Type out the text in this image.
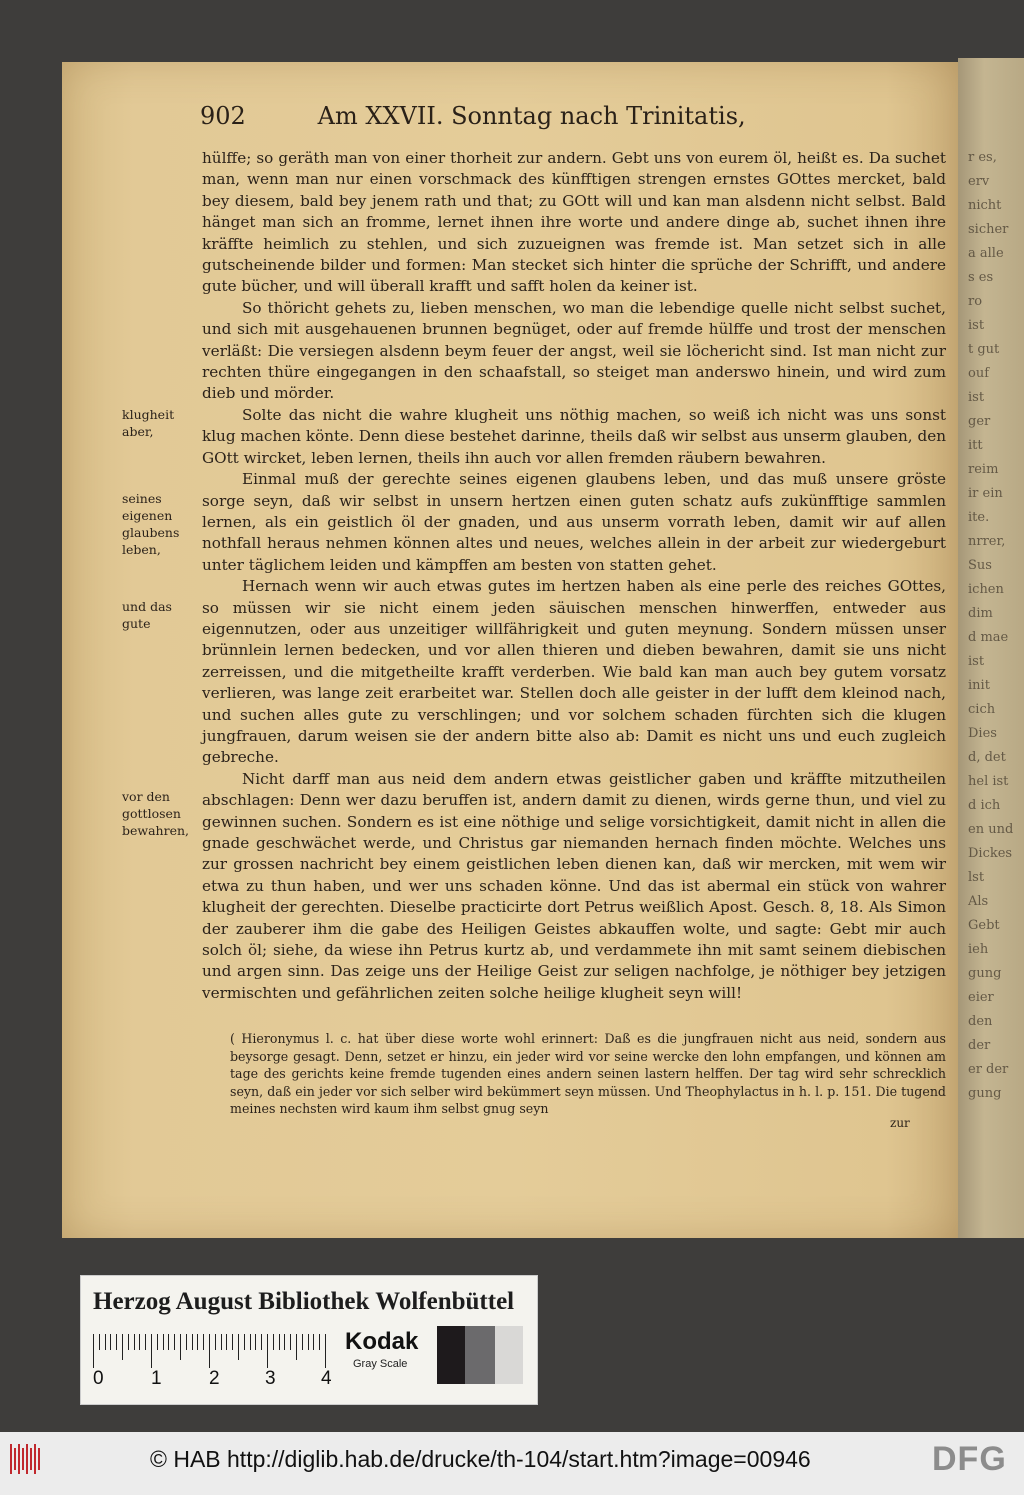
r es,
erv
nicht
sicher
a alle
s es
ro
ist
t gut
ouf
ist
ger
itt
reim
ir ein
ite.
nrrer,
Sus
ichen
dim
d mae
ist
init
cich
Dies
d, det
hel ist
d ich
en und
Dickes
lst
Als
Gebt
ieh
gung
eier
den
der
er der
gung
902	Am XXVII. Sonntag nach Trinitatis,
klugheit aber,
seines eigenen glaubens leben,
und das gute
vor den gottlosen bewahren,

hülffe; so geräth man von einer thorheit zur andern. Gebt uns von eurem öl, heißt es. Da suchet man, wenn man nur einen vorschmack des künfftigen strengen ernstes GOttes mercket, bald bey diesem, bald bey jenem rath und that; zu GOtt will und kan man alsdenn nicht selbst. Bald hänget man sich an fromme, lernet ihnen ihre worte und andere dinge ab, suchet ihnen ihre kräffte heimlich zu stehlen, und sich zuzueignen was fremde ist. Man setzet sich in alle gutscheinende bilder und formen: Man stecket sich hinter die sprüche der Schrifft, und andere gute bücher, und will überall krafft und safft holen da keiner ist.

So thöricht gehets zu, lieben menschen, wo man die lebendige quelle nicht selbst suchet, und sich mit ausgehauenen brunnen begnüget, oder auf fremde hülffe und trost der menschen verläßt: Die versiegen alsdenn beym feuer der angst, weil sie löchericht sind. Ist man nicht zur rechten thüre eingegangen in den schaafstall, so steiget man anderswo hinein, und wird zum dieb und mörder.

Solte das nicht die wahre klugheit uns nöthig machen, so weiß ich nicht was uns sonst klug machen könte. Denn diese bestehet darinne, theils daß wir selbst aus unserm glauben, den GOtt wircket, leben lernen, theils ihn auch vor allen fremden räubern bewahren.

Einmal muß der gerechte seines eigenen glaubens leben, und das muß unsere gröste sorge seyn, daß wir selbst in unsern hertzen einen guten schatz aufs zukünfftige sammlen lernen, als ein geistlich öl der gnaden, und aus unserm vorrath leben, damit wir auf allen nothfall heraus nehmen können altes und neues, welches allein in der arbeit zur wiedergeburt unter täglichem leiden und kämpffen am besten von statten gehet.

Hernach wenn wir auch etwas gutes im hertzen haben als eine perle des reiches GOttes, so müssen wir sie nicht einem jeden säuischen menschen hinwerffen, entweder aus eigennutzen, oder aus unzeitiger willfährigkeit und guten meynung. Sondern müssen unser brünnlein lernen bedecken, und vor allen thieren und dieben bewahren, damit sie uns nicht zerreissen, und die mitgetheilte krafft verderben. Wie bald kan man auch bey gutem vorsatz verlieren, was lange zeit erarbeitet war. Stellen doch alle geister in der lufft dem kleinod nach, und suchen alles gute zu verschlingen; und vor solchem schaden fürchten sich die klugen jungfrauen, darum weisen sie der andern bitte also ab: Damit es nicht uns und euch zugleich gebreche.

Nicht darff man aus neid dem andern etwas geistlicher gaben und kräffte mitzutheilen abschlagen: Denn wer dazu beruffen ist, andern damit zu dienen, wirds gerne thun, und viel zu gewinnen suchen. Sondern es ist eine nöthige und selige vorsichtigkeit, damit nicht in allen die gnade geschwächet werde, und Christus gar niemanden hernach finden möchte. Welches uns zur grossen nachricht bey einem geistlichen leben dienen kan, daß wir mercken, mit wem wir etwa zu thun haben, und wer uns schaden könne. Und das ist abermal ein stück von wahrer klugheit der gerechten. Dieselbe practicirte dort Petrus weißlich Apost. Gesch. 8, 18. Als Simon der zauberer ihm die gabe des Heiligen Geistes abkauffen wolte, und sagte: Gebt mir auch solch öl; siehe, da wiese ihn Petrus kurtz ab, und verdammete ihn mit samt seinem diebischen und argen sinn. Das zeige uns der Heilige Geist zur seligen nachfolge, je nöthiger bey jetzigen vermischten und gefährlichen zeiten solche heilige klugheit seyn will!

( Hieronymus l. c. hat über diese worte wohl erinnert: Daß es die jungfrauen nicht aus neid, sondern aus beysorge gesagt. Denn, setzet er hinzu, ein jeder wird vor seine wercke den lohn empfangen, und können am tage des gerichts keine fremde tugenden eines andern seinen lastern helffen. Der tag wird sehr schrecklich seyn, daß ein jeder vor sich selber wird bekümmert seyn müssen. Und Theophylactus in h. l. p. 151. Die tugend meines nechsten wird kaum ihm selbst gnug seyn
zur
Herzog August Bibliothek Wolfenbüttel
0 1 2 3 4
Kodak
Gray Scale
© HAB http://diglib.hab.de/drucke/th-104/start.htm?image=00946	DFG
